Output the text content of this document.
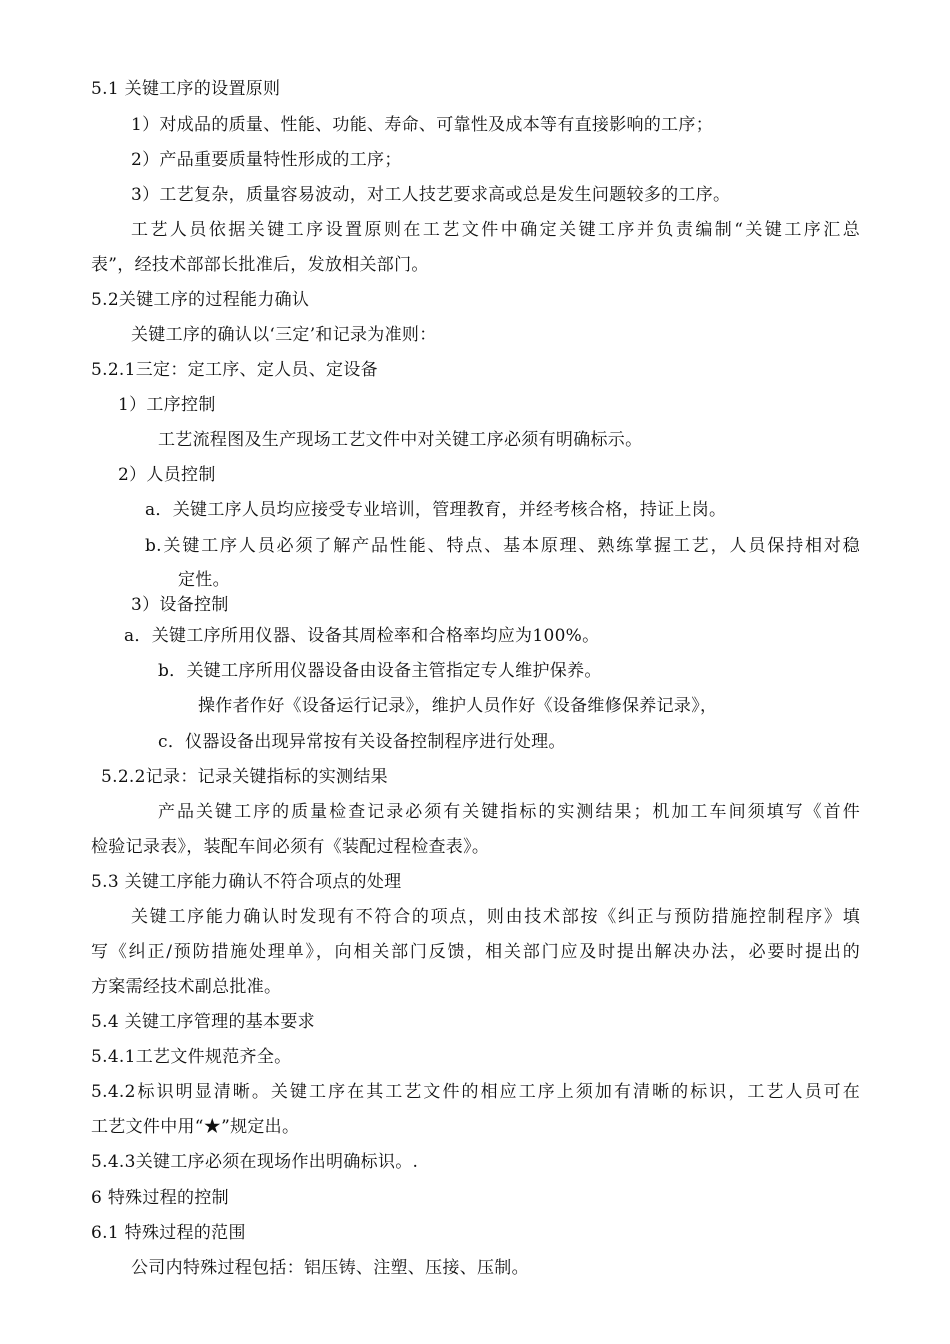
5.1 关键工序的设置原则
1）对成品的质量、性能、功能、寿命、可靠性及成本等有直接影响的工序；
2）产品重要质量特性形成的工序；
3）工艺复杂，质量容易波动，对工人技艺要求高或总是发生问题较多的工序。
工艺人员依据关键工序设置原则在工艺文件中确定关键工序并负责编制“关键工序汇总
表”，经技术部部长批准后，发放相关部门。
5.2关键工序的过程能力确认
关键工序的确认以‘三定’和记录为准则：
5.2.1三定：定工序、定人员、定设备
1）工序控制
工艺流程图及生产现场工艺文件中对关键工序必须有明确标示。
2）人员控制
a．关键工序人员均应接受专业培训，管理教育，并经考核合格，持证上岗。
b.关键工序人员必须了解产品性能、特点、基本原理、熟练掌握工艺，人员保持相对稳
定性。
3）设备控制
a．关键工序所用仪器、设备其周检率和合格率均应为100%。
b．关键工序所用仪器设备由设备主管指定专人维护保养。
操作者作好《设备运行记录》，维护人员作好《设备维修保养记录》，
c．仪器设备出现异常按有关设备控制程序进行处理。
5.2.2记录：记录关键指标的实测结果
产品关键工序的质量检查记录必须有关键指标的实测结果；机加工车间须填写《首件
检验记录表》，装配车间必须有《装配过程检查表》。
5.3 关键工序能力确认不符合项点的处理
关键工序能力确认时发现有不符合的项点，则由技术部按《纠正与预防措施控制程序》填
写《纠正/预防措施处理单》，向相关部门反馈，相关部门应及时提出解决办法，必要时提出的
方案需经技术副总批准。
5.4 关键工序管理的基本要求
5.4.1工艺文件规范齐全。
5.4.2标识明显清晰。关键工序在其工艺文件的相应工序上须加有清晰的标识，工艺人员可在
工艺文件中用“★”规定出。
5.4.3关键工序必须在现场作出明确标识。.
6 特殊过程的控制
6.1 特殊过程的范围
公司内特殊过程包括：铝压铸、注塑、压接、压制。
